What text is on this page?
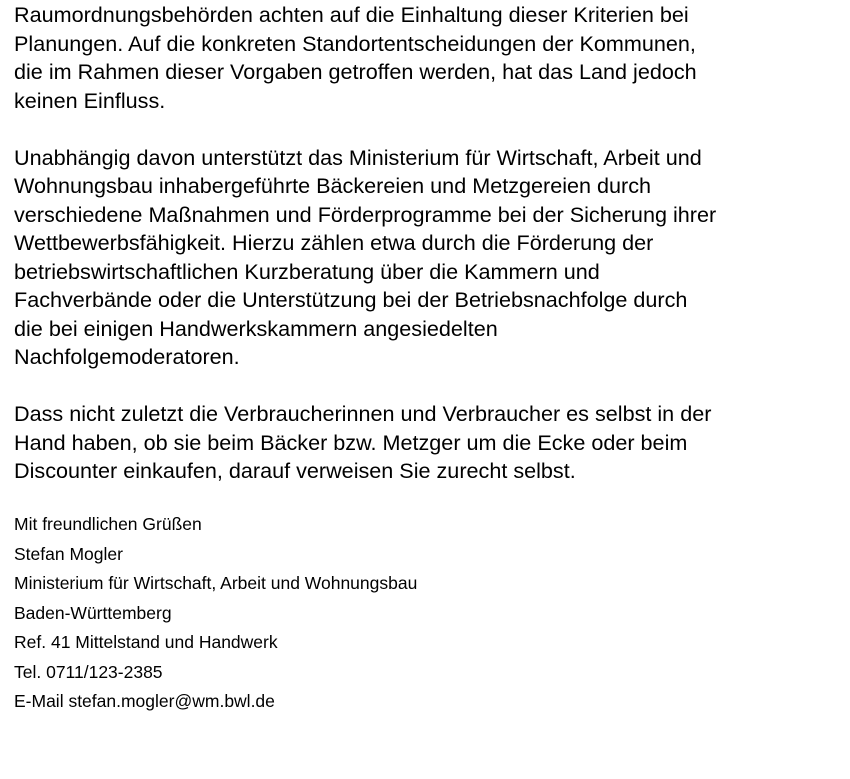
Raumordnungsbehörden achten auf die Einhaltung dieser Kriterien bei
Planungen. Auf die konkreten Standortentscheidungen der Kommunen,
die im Rahmen dieser Vorgaben getroffen werden, hat das Land jedoch
keinen Einfluss.

Unabhängig davon unterstützt das Ministerium für Wirtschaft, Arbeit und
Wohnungsbau inhabergeführte Bäckereien und Metzgereien durch
verschiedene Maßnahmen und Förderprogramme bei der Sicherung ihrer
Wettbewerbsfähigkeit. Hierzu zählen etwa durch die Förderung der
betriebswirtschaftlichen Kurzberatung über die Kammern und
Fachverbände oder die Unterstützung bei der Betriebsnachfolge durch
die bei einigen Handwerkskammern angesiedelten
Nachfolgemoderatoren.

Dass nicht zuletzt die Verbraucherinnen und Verbraucher es selbst in der
Hand haben, ob sie beim Bäcker bzw. Metzger um die Ecke oder beim
Discounter einkaufen, darauf verweisen Sie zurecht selbst.

Mit freundlichen Grüßen
Stefan Mogler
Ministerium für Wirtschaft, Arbeit und Wohnungsbau
Baden-Württemberg
Ref. 41 Mittelstand und Handwerk
Tel. 0711/123-2385
E-Mail stefan.mogler@wm.bwl.de
